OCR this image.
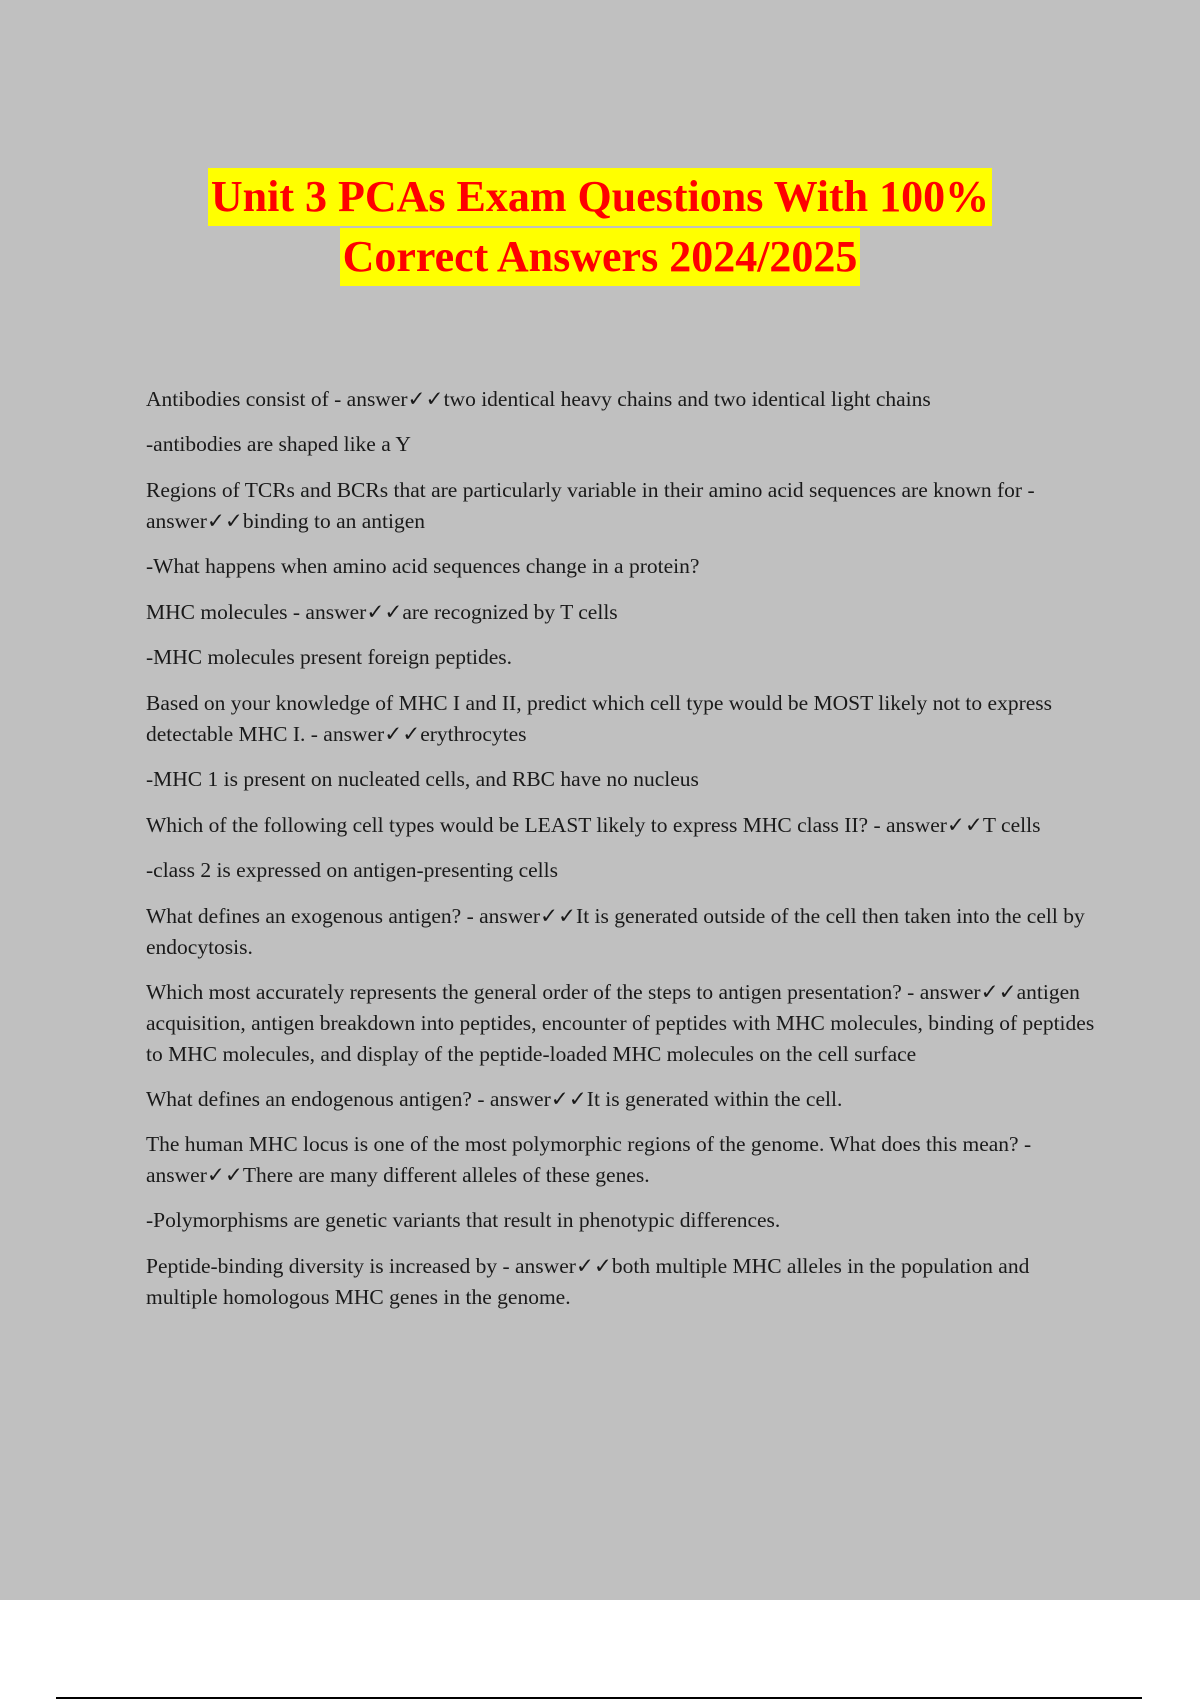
Unit 3 PCAs Exam Questions With 100%
Correct Answers 2024/2025

Antibodies consist of - answer✓✓two identical heavy chains and two identical light chains

-antibodies are shaped like a Y

Regions of TCRs and BCRs that are particularly variable in their amino acid sequences are known for - answer✓✓binding to an antigen

-What happens when amino acid sequences change in a protein?

MHC molecules - answer✓✓are recognized by T cells

-MHC molecules present foreign peptides.

Based on your knowledge of MHC I and II, predict which cell type would be MOST likely not to express detectable MHC I. - answer✓✓erythrocytes

-MHC 1 is present on nucleated cells, and RBC have no nucleus

Which of the following cell types would be LEAST likely to express MHC class II? - answer✓✓T cells

-class 2 is expressed on antigen-presenting cells

What defines an exogenous antigen? - answer✓✓It is generated outside of the cell then taken into the cell by endocytosis.

Which most accurately represents the general order of the steps to antigen presentation? - answer✓✓antigen acquisition, antigen breakdown into peptides, encounter of peptides with MHC molecules, binding of peptides to MHC molecules, and display of the peptide-loaded MHC molecules on the cell surface

What defines an endogenous antigen? - answer✓✓It is generated within the cell.

The human MHC locus is one of the most polymorphic regions of the genome. What does this mean? - answer✓✓There are many different alleles of these genes.

-Polymorphisms are genetic variants that result in phenotypic differences.

Peptide-binding diversity is increased by - answer✓✓both multiple MHC alleles in the population and multiple homologous MHC genes in the genome.
